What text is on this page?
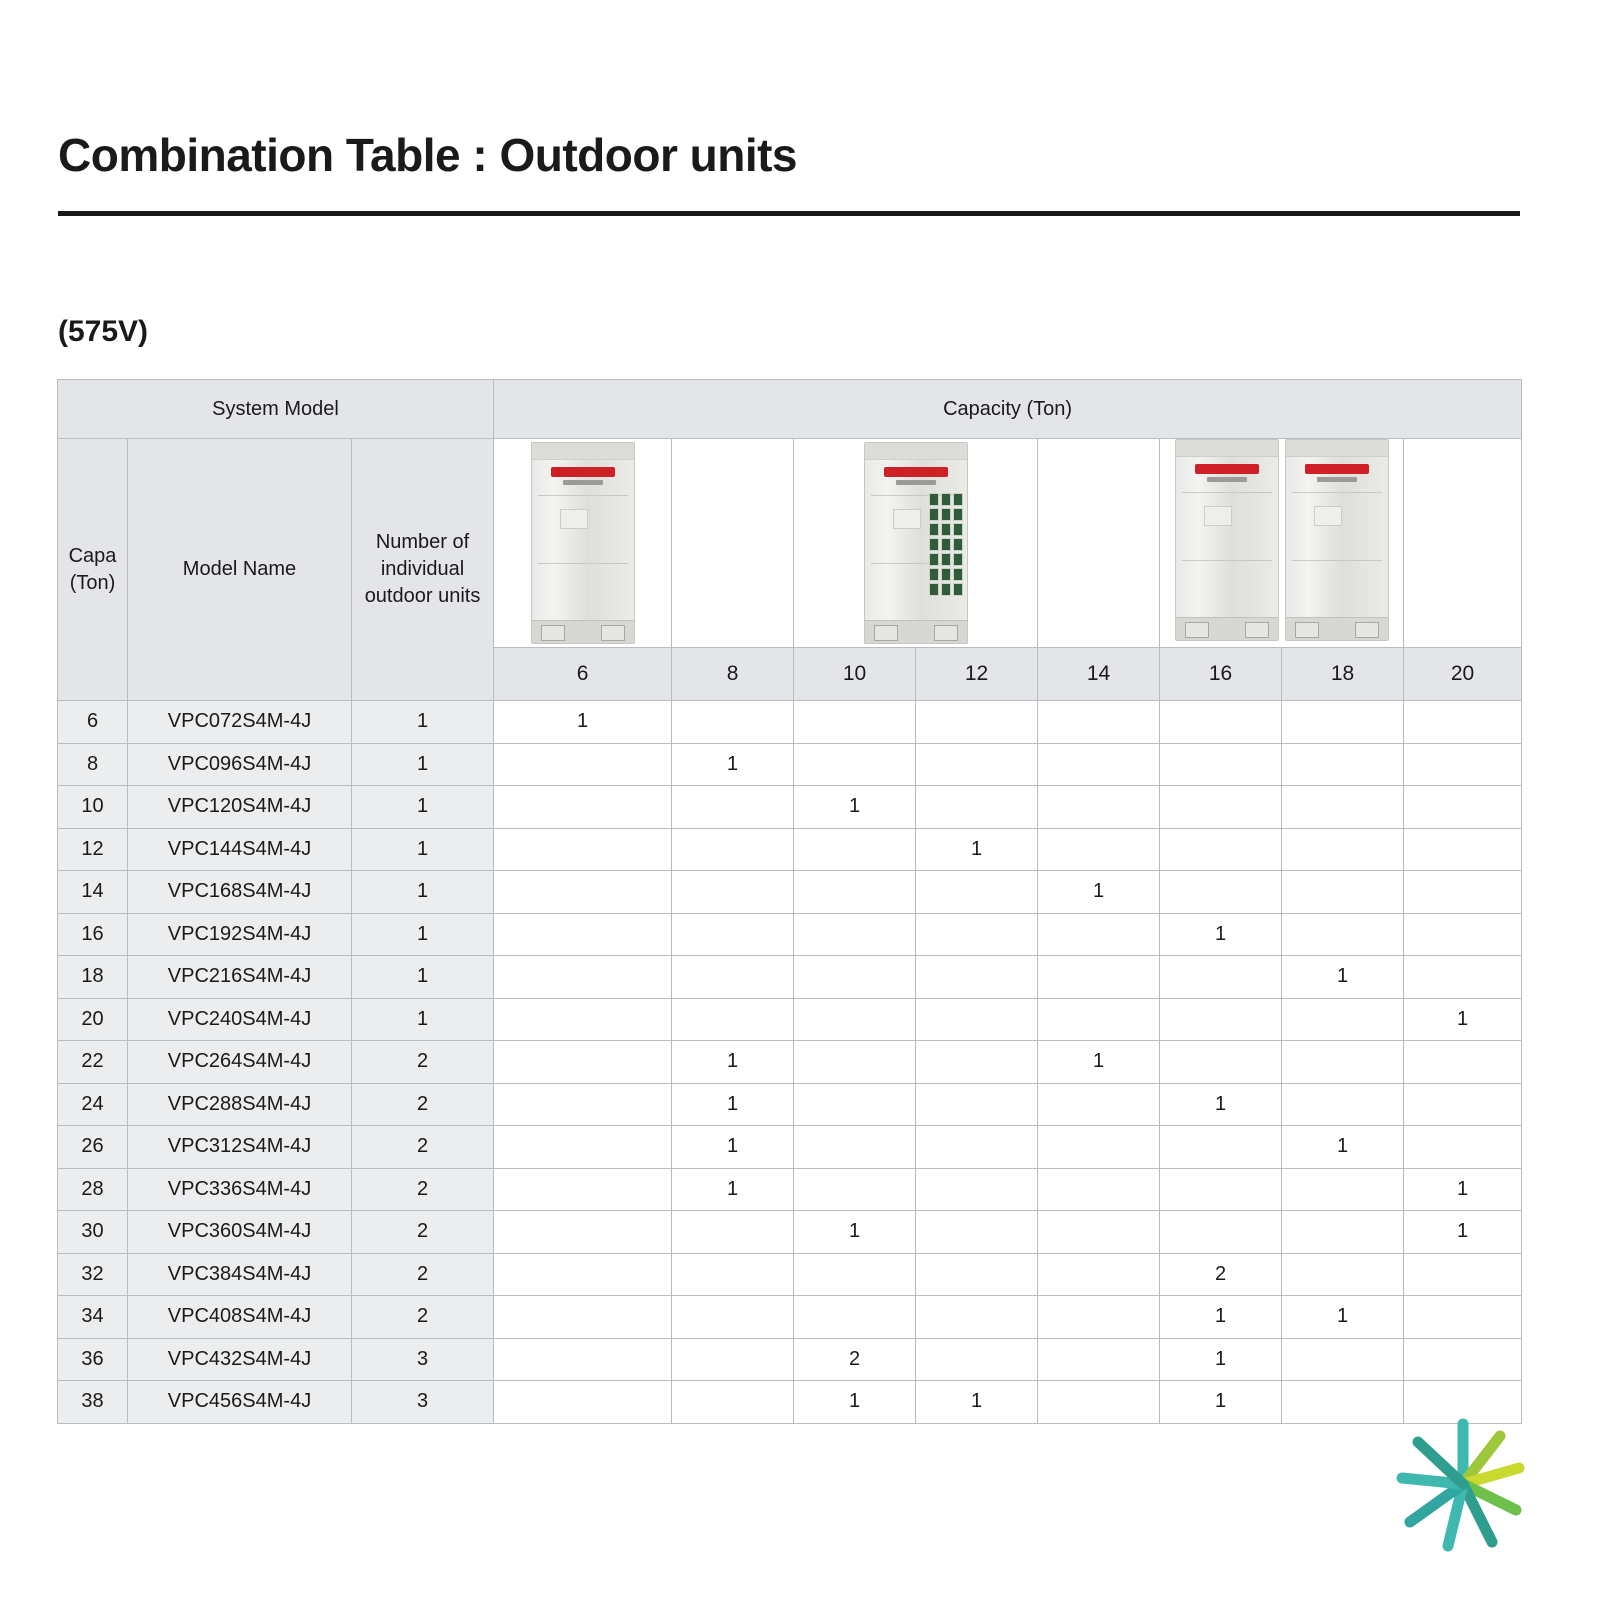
Combination Table : Outdoor units
(575V)
System Model			Capacity (Ton)							
Capa
(Ton)	Model Name	Number of individual outdoor units			

			6	8	10	12	14	16	18	20
6	VPC072S4M-4J	1	1							
8	VPC096S4M-4J	1		1						
10	VPC120S4M-4J	1			1					
12	VPC144S4M-4J	1				1				
14	VPC168S4M-4J	1					1			
16	VPC192S4M-4J	1						1		
18	VPC216S4M-4J	1							1	
20	VPC240S4M-4J	1								1
22	VPC264S4M-4J	2		1			1			
24	VPC288S4M-4J	2		1				1		
26	VPC312S4M-4J	2		1					1	
28	VPC336S4M-4J	2		1						1
30	VPC360S4M-4J	2			1					1
32	VPC384S4M-4J	2						2		
34	VPC408S4M-4J	2						1	1	
36	VPC432S4M-4J	3			2			1		
38	VPC456S4M-4J	3			1	1		1		
